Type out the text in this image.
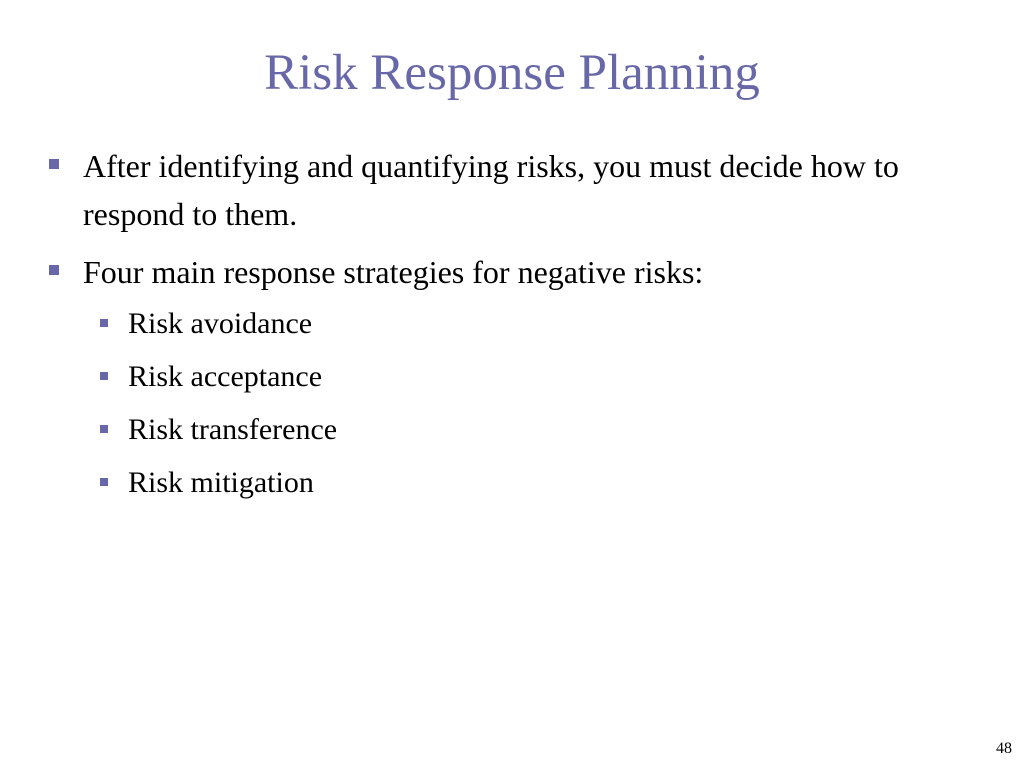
Risk Response Planning
After identifying and quantifying risks, you must decide how to respond to them.
Four main response strategies for negative risks:
Risk avoidance
Risk acceptance
Risk transference
Risk mitigation
48
